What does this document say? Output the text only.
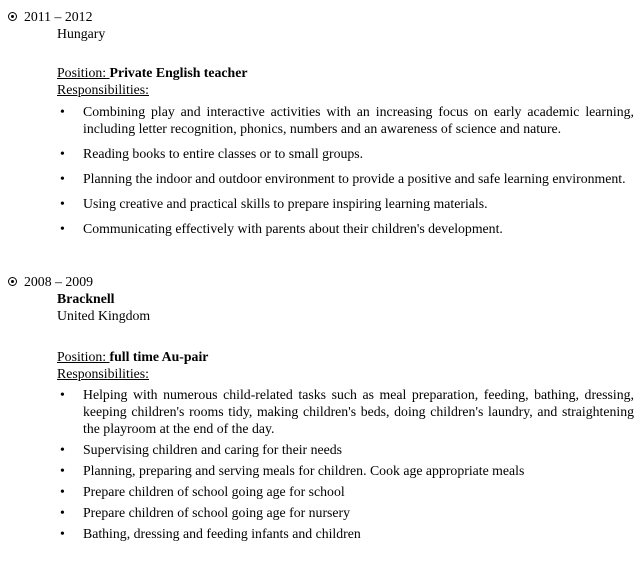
2011 – 2012
Hungary
Position: Private English teacher
Responsibilities:
• Combining play and interactive activities with an increasing focus on early academic learning, including letter recognition, phonics, numbers and an awareness of science and nature.
• Reading books to entire classes or to small groups.
• Planning the indoor and outdoor environment to provide a positive and safe learning environment.
• Using creative and practical skills to prepare inspiring learning materials.
• Communicating effectively with parents about their children's development.
2008 – 2009
Bracknell
United Kingdom
Position: full time Au-pair
Responsibilities:
• Helping with numerous child-related tasks such as meal preparation, feeding, bathing, dressing, keeping children's rooms tidy, making children's beds, doing children's laundry, and straightening the playroom at the end of the day.
• Supervising children and caring for their needs
• Planning, preparing and serving meals for children. Cook age appropriate meals
• Prepare children of school going age for school
• Prepare children of school going age for nursery
• Bathing, dressing and feeding infants and children
